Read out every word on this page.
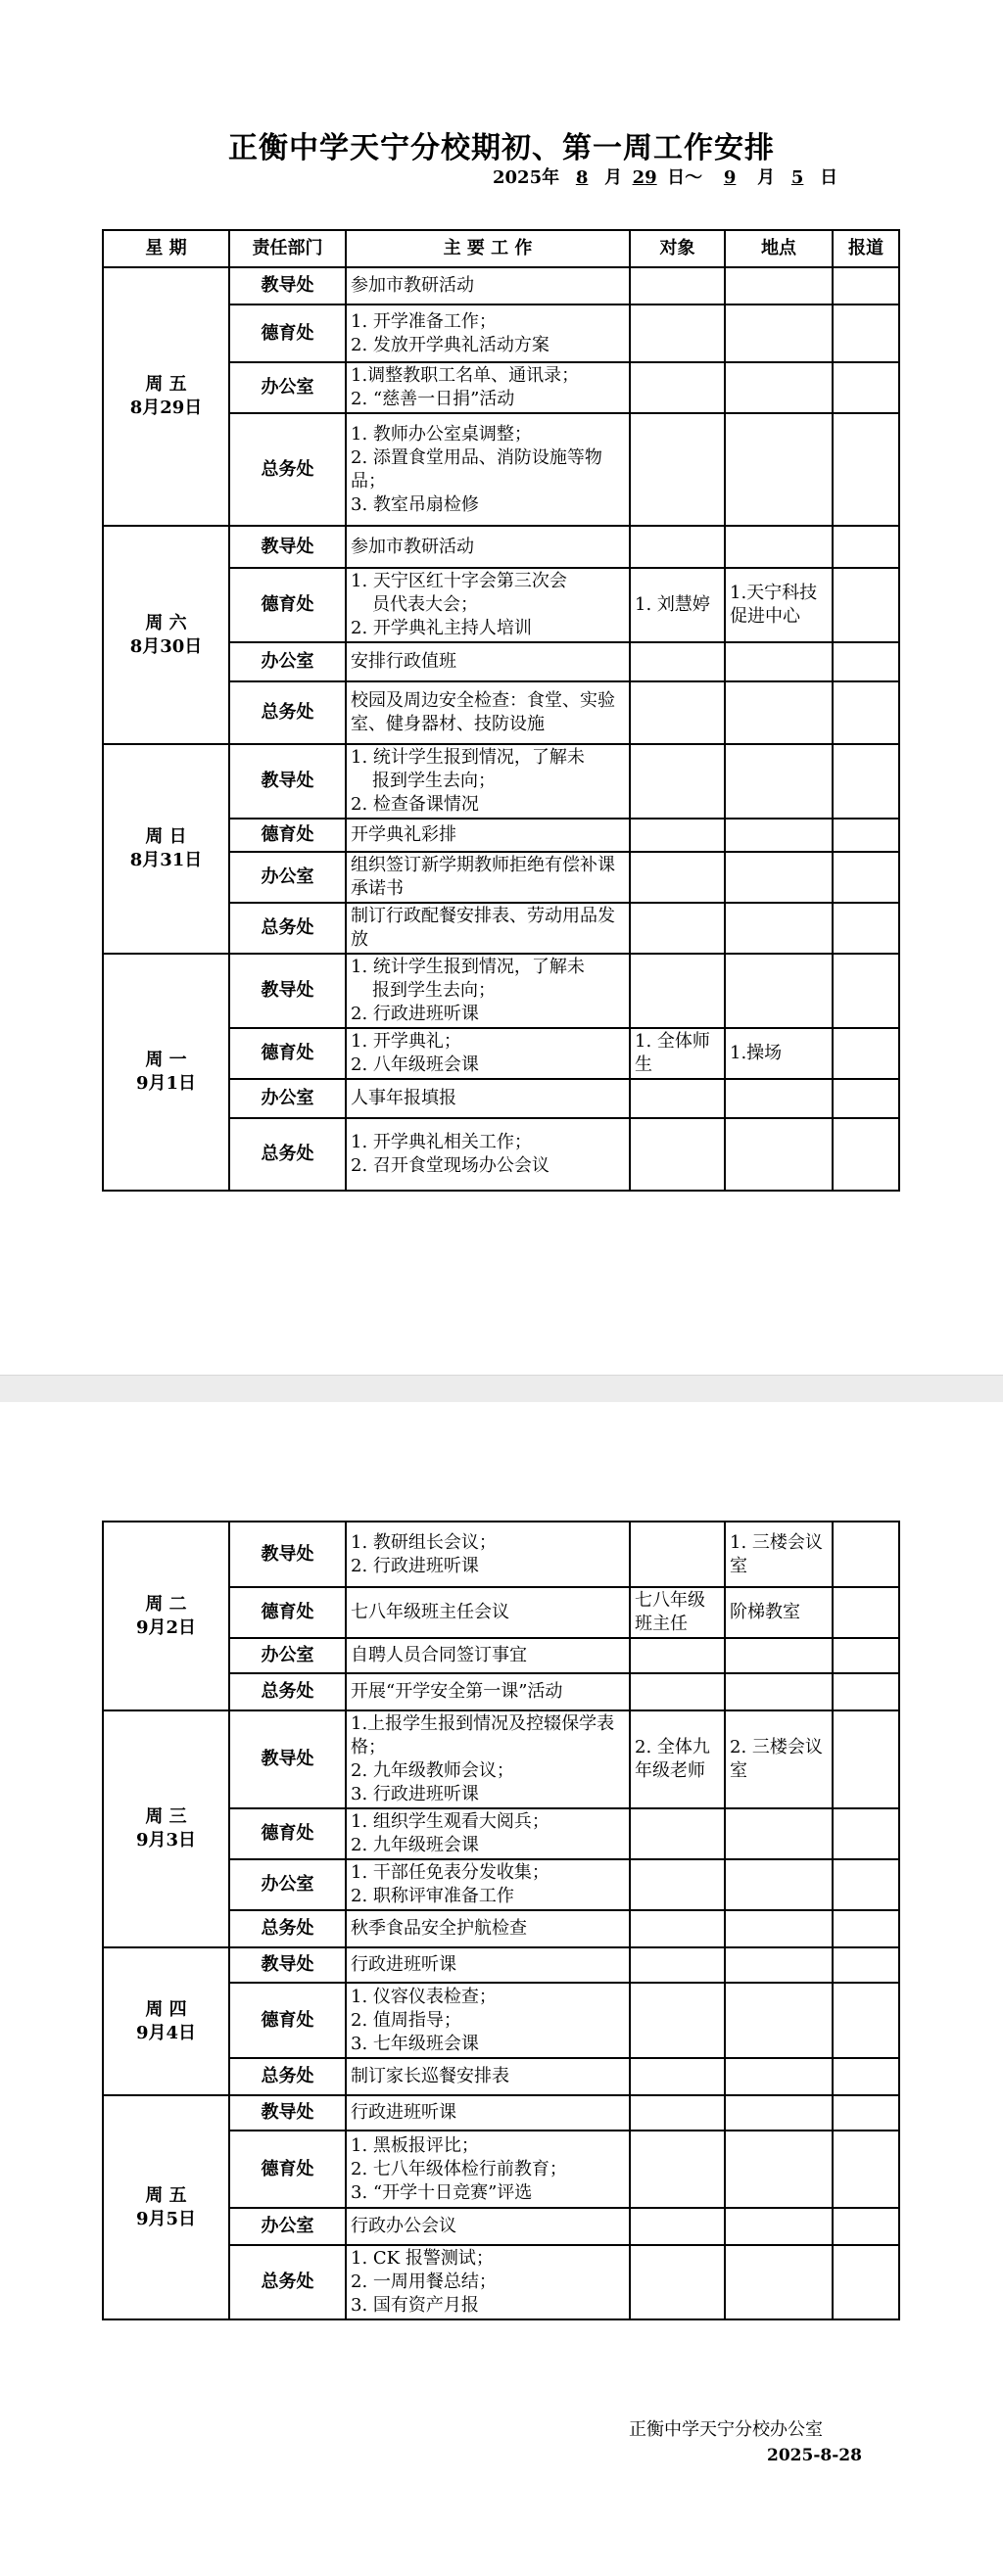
正衡中学天宁分校期初、第一周工作安排
2025年 8 月 29 日～ 9 月 5 日
星 期	责任部门	主 要 工 作	对象	地点	报道
周 五
8月29日	教导处	参加市教研活动			

	德育处	1. 开学准备工作；
2. 发放开学典礼活动方案			

	办公室	1.调整教职工名单、通讯录；
2. “慈善一日捐”活动			

	总务处	1. 教师办公室桌调整；
2. 添置食堂用品、消防设施等物品；
3. 教室吊扇检修			

周 六
8月30日	教导处	参加市教研活动			

	德育处	1. 天宁区红十字会第三次会
员代表大会；
2. 开学典礼主持人培训	1. 刘慧婷	1.天宁科技促进中心	
	办公室	安排行政值班			

	总务处	校园及周边安全检查：食堂、实验室、健身器材、技防设施			

周 日
8月31日	教导处	1. 统计学生报到情况，了解未
报到学生去向；
2. 检查备课情况			

	德育处	开学典礼彩排			

	办公室	组织签订新学期教师拒绝有偿补课承诺书			

	总务处	制订行政配餐安排表、劳动用品发放			

周 一
9月1日	教导处	1. 统计学生报到情况，了解未
报到学生去向；
2. 行政进班听课			

	德育处	1. 开学典礼；
2. 八年级班会课	1. 全体师生	1.操场	
	办公室	人事年报填报			

	总务处	1. 开学典礼相关工作；
2. 召开食堂现场办公会议			

周 二
9月2日	教导处	1. 教研组长会议；
2. 行政进班听课		1. 三楼会议室	
	德育处	七八年级班主任会议	七八年级班主任	阶梯教室	
	办公室	自聘人员合同签订事宜			

	总务处	开展“开学安全第一课”活动			

周 三
9月3日	教导处	1.上报学生报到情况及控辍保学表格；
2. 九年级教师会议；
3. 行政进班听课	2. 全体九年级老师	2. 三楼会议室	
	德育处	1. 组织学生观看大阅兵；
2. 九年级班会课			

	办公室	1. 干部任免表分发收集；
2. 职称评审准备工作			

	总务处	秋季食品安全护航检查			

周 四
9月4日	教导处	行政进班听课			

	德育处	1. 仪容仪表检查；
2. 值周指导；
3. 七年级班会课			

	总务处	制订家长巡餐安排表			

周 五
9月5日	教导处	行政进班听课			

	德育处	1. 黑板报评比；
2. 七八年级体检行前教育；
3. “开学十日竞赛”评选			

	办公室	行政办公会议			

	总务处	1. CK 报警测试；
2. 一周用餐总结；
3. 国有资产月报			

正衡中学天宁分校办公室
2025-8-28
